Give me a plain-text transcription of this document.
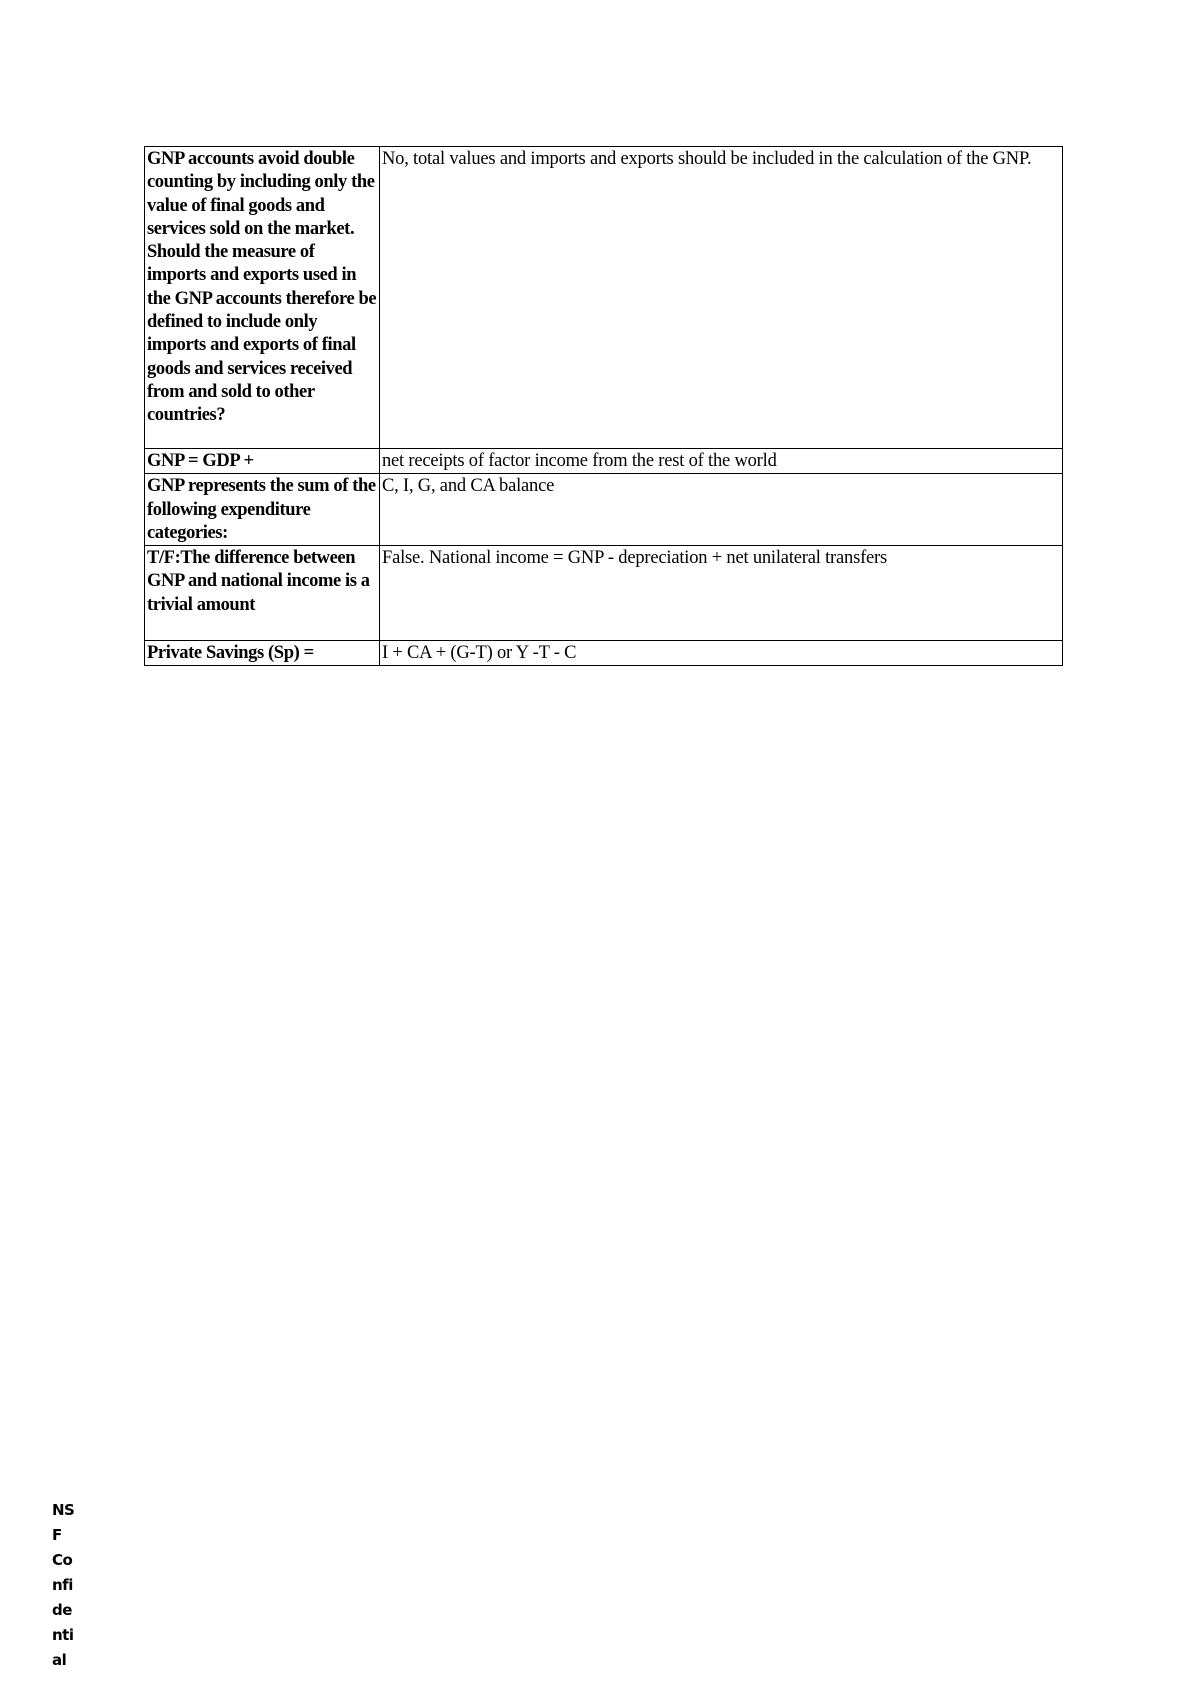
GNP accounts avoid double counting by including only the value of final goods and services sold on the market. Should the measure of imports and exports used in the GNP accounts therefore be defined to include only imports and exports of final goods and services received from and sold to other countries?	No, total values and imports and exports should be included in the calculation of the GNP.
GNP = GDP +	net receipts of factor income from the rest of the world
GNP represents the sum of the following expenditure categories:	C, I, G, and CA balance
T/F:The difference between GNP and national income is a trivial amount	False. National income = GNP - depreciation + net unilateral transfers
Private Savings (Sp) =	I + CA + (G-T) or Y -T - C
NS
F
Co
nfi
de
nti
al
